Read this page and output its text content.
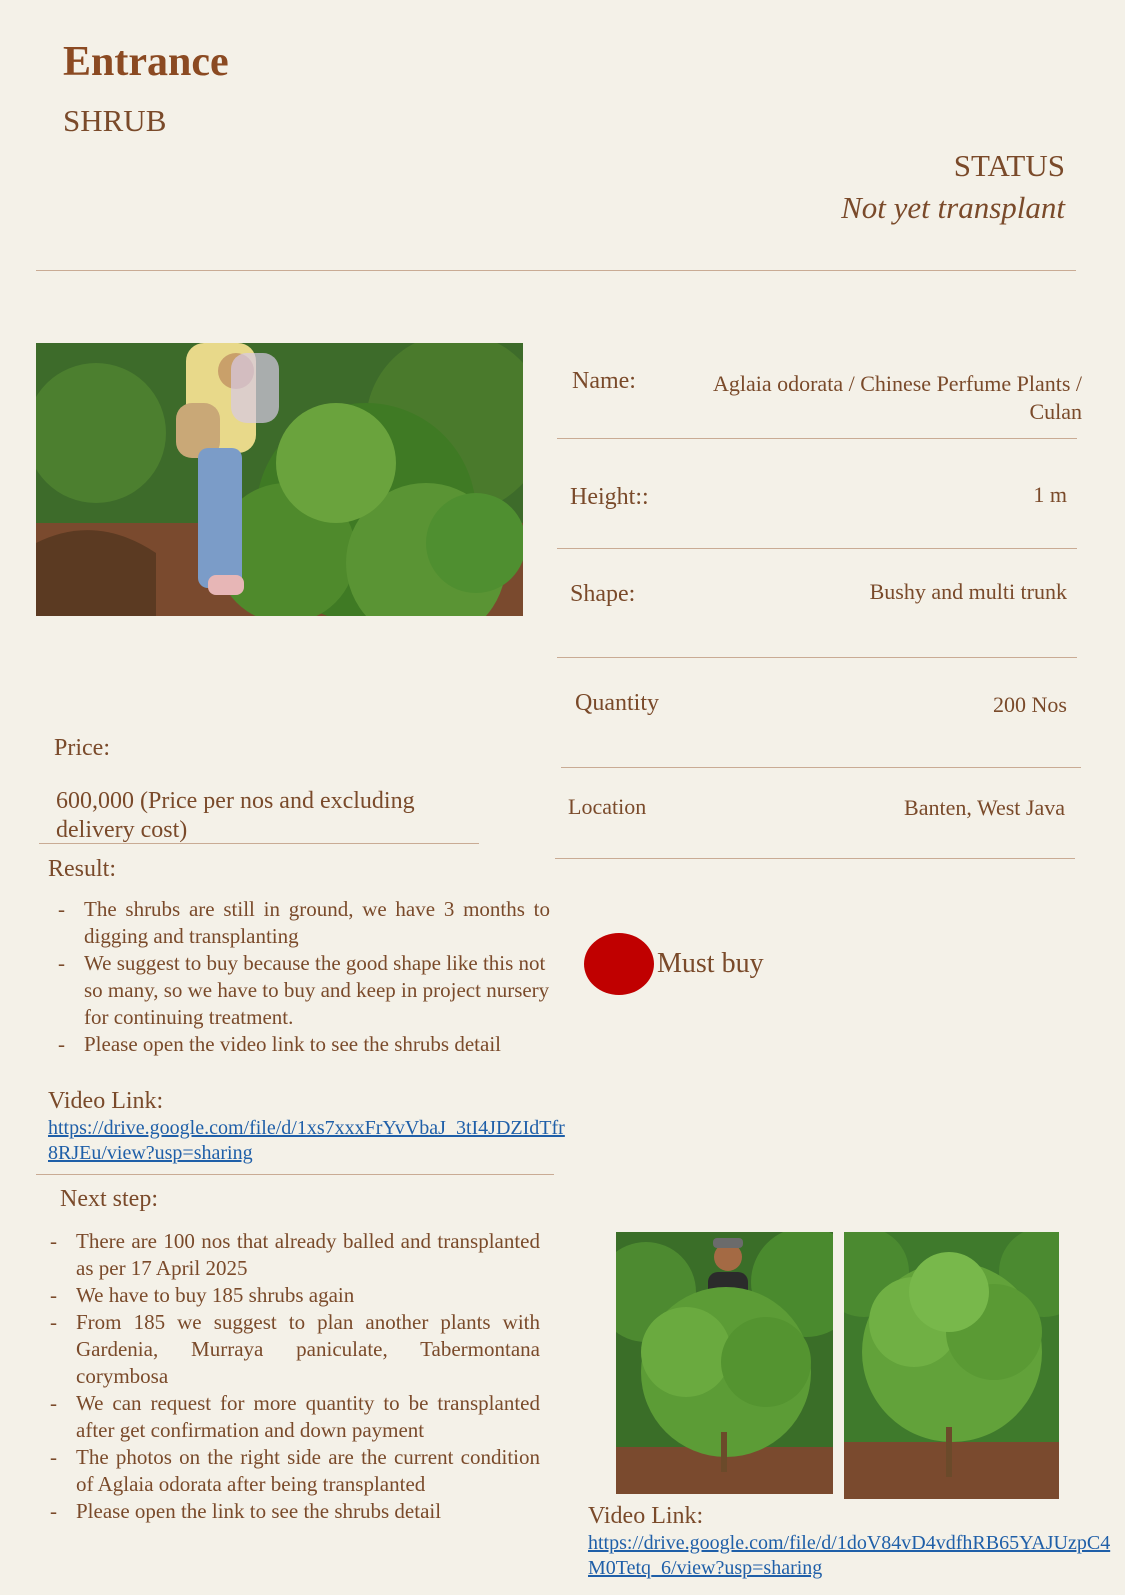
Entrance
SHRUB
STATUS
Not yet transplant
Name:	Aglaia odorata / Chinese Perfume Plants / Culan
Height::	1 m
Shape:	Bushy and multi trunk
Quantity	200 Nos
Location	Banten, West Java
Price:
600,000 (Price per nos and excluding delivery cost)
Result:
- The shrubs are still in ground, we have 3 months to digging and transplanting
- We suggest to buy because the good shape like this not so many, so we have to buy and keep in project nursery for continuing treatment.
- Please open the video link to see the shrubs detail
Must buy
Video Link:
https://drive.google.com/file/d/1xs7xxxFrYvVbaJ_3tI4JDZIdTfr8RJEu/view?usp=sharing
Next step:
- There are 100 nos that already balled and transplanted as per 17 April 2025
- We have to buy 185 shrubs again
- From 185 we suggest to plan another plants with Gardenia, Murraya paniculate, Tabermontana corymbosa
- We can request for more quantity to be transplanted after get confirmation and down payment
- The photos on the right side are the current condition of Aglaia odorata after being transplanted
- Please open the link to see the shrubs detail	Video Link:
https://drive.google.com/file/d/1doV84vD4vdfhRB65YAJUzpC4M0Tetq_6/view?usp=sharing
